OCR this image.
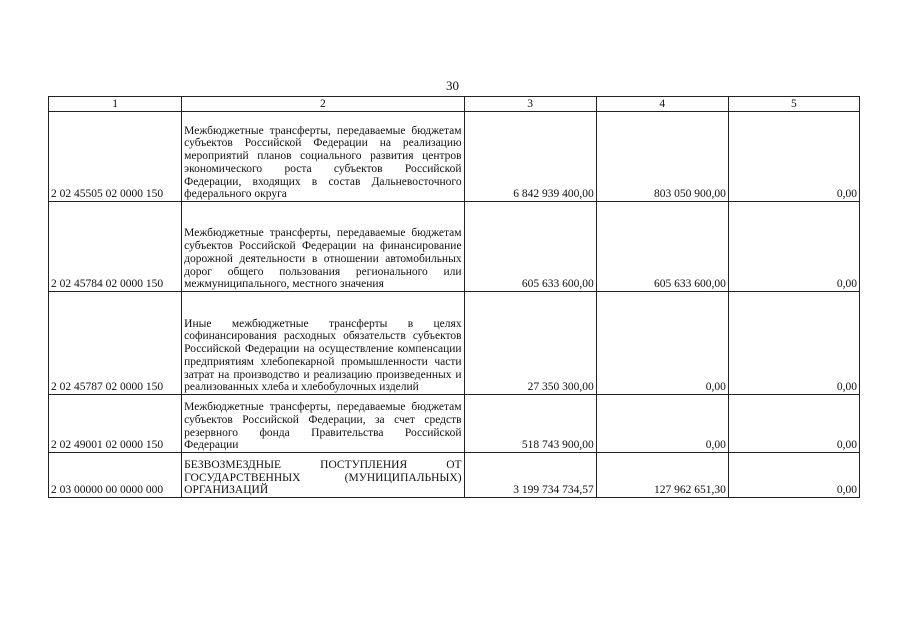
30
1	2	3	4	5
2 02 45505 02 0000 150	Межбюджетные трансферты, передаваемые бюджетам субъектов Российской Федерации на реализацию мероприятий планов социального развития центров экономического роста субъектов Российской Федерации, входящих в состав Дальневосточного федерального округа	6 842 939 400,00	803 050 900,00	0,00
2 02 45784 02 0000 150	Межбюджетные трансферты, передаваемые бюджетам субъектов Российской Федерации на финансирование дорожной деятельности в отношении автомобильных дорог общего пользования регионального или межмуниципального, местного значения	605 633 600,00	605 633 600,00	0,00
2 02 45787 02 0000 150	Иные межбюджетные трансферты в целях софинансирования расходных обязательств субъектов Российской Федерации на осуществление компенсации предприятиям хлебопекарной промышленности части затрат на производство и реализацию произведенных и реализованных хлеба и хлебобулочных изделий	27 350 300,00	0,00	0,00
2 02 49001 02 0000 150	Межбюджетные трансферты, передаваемые бюджетам субъектов Российской Федерации, за счет средств резервного фонда Правительства Российской Федерации	518 743 900,00	0,00	0,00
2 03 00000 00 0000 000	БЕЗВОЗМЕЗДНЫЕ ПОСТУПЛЕНИЯ ОТ ГОСУДАРСТВЕННЫХ (МУНИЦИПАЛЬНЫХ) ОРГАНИЗАЦИЙ	3 199 734 734,57	127 962 651,30	0,00
